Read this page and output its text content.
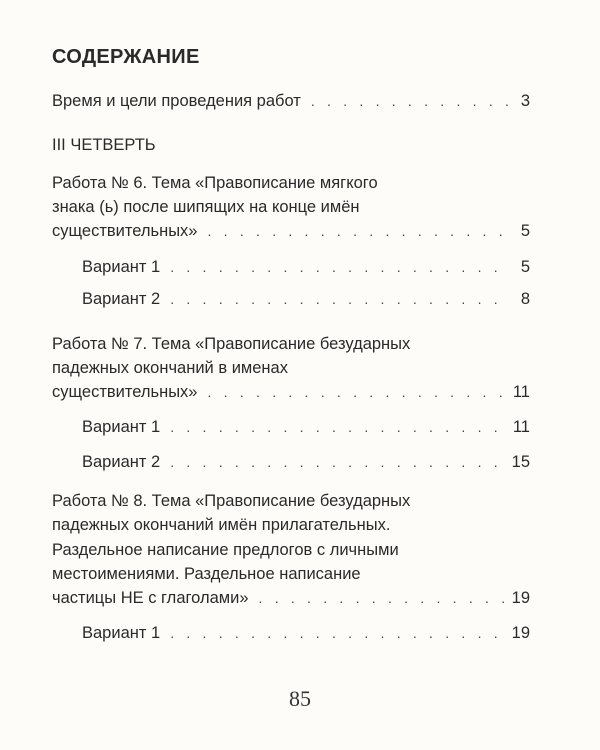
СОДЕРЖАНИЕ
Время и цели проведения работ . . .	3
III ЧЕТВЕРТЬ
Работа № 6. Тема «Правописание мягкого
знака (ь) после шипящих на конце имён
существительных» . . .	5
Вариант 1 . . .	5
Вариант 2 . . .	8
Работа № 7. Тема «Правописание безударных
падежных окончаний в именах
существительных» . . .	11
Вариант 1 . . .	11
Вариант 2 . . .	15
Работа № 8. Тема «Правописание безударных
падежных окончаний имён прилагательных.
Раздельное написание предлогов с личными
местоимениями. Раздельное написание
частицы НЕ с глаголами» . . .	19
Вариант 1 . . .	19
85
